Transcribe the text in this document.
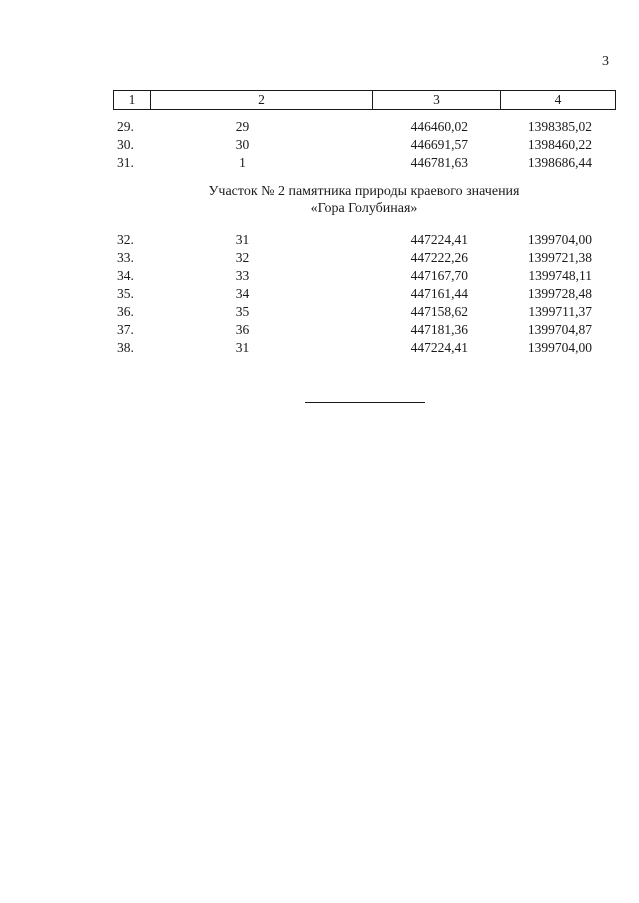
3
1	2	3	4
29.	29	446460,02	1398385,02
30.	30	446691,57	1398460,22
31.	1	446781,63	1398686,44
Участок № 2 памятника природы краевого значения
«Гора Голубиная»
32.	31	447224,41	1399704,00
33.	32	447222,26	1399721,38
34.	33	447167,70	1399748,11
35.	34	447161,44	1399728,48
36.	35	447158,62	1399711,37
37.	36	447181,36	1399704,87
38.	31	447224,41	1399704,00
